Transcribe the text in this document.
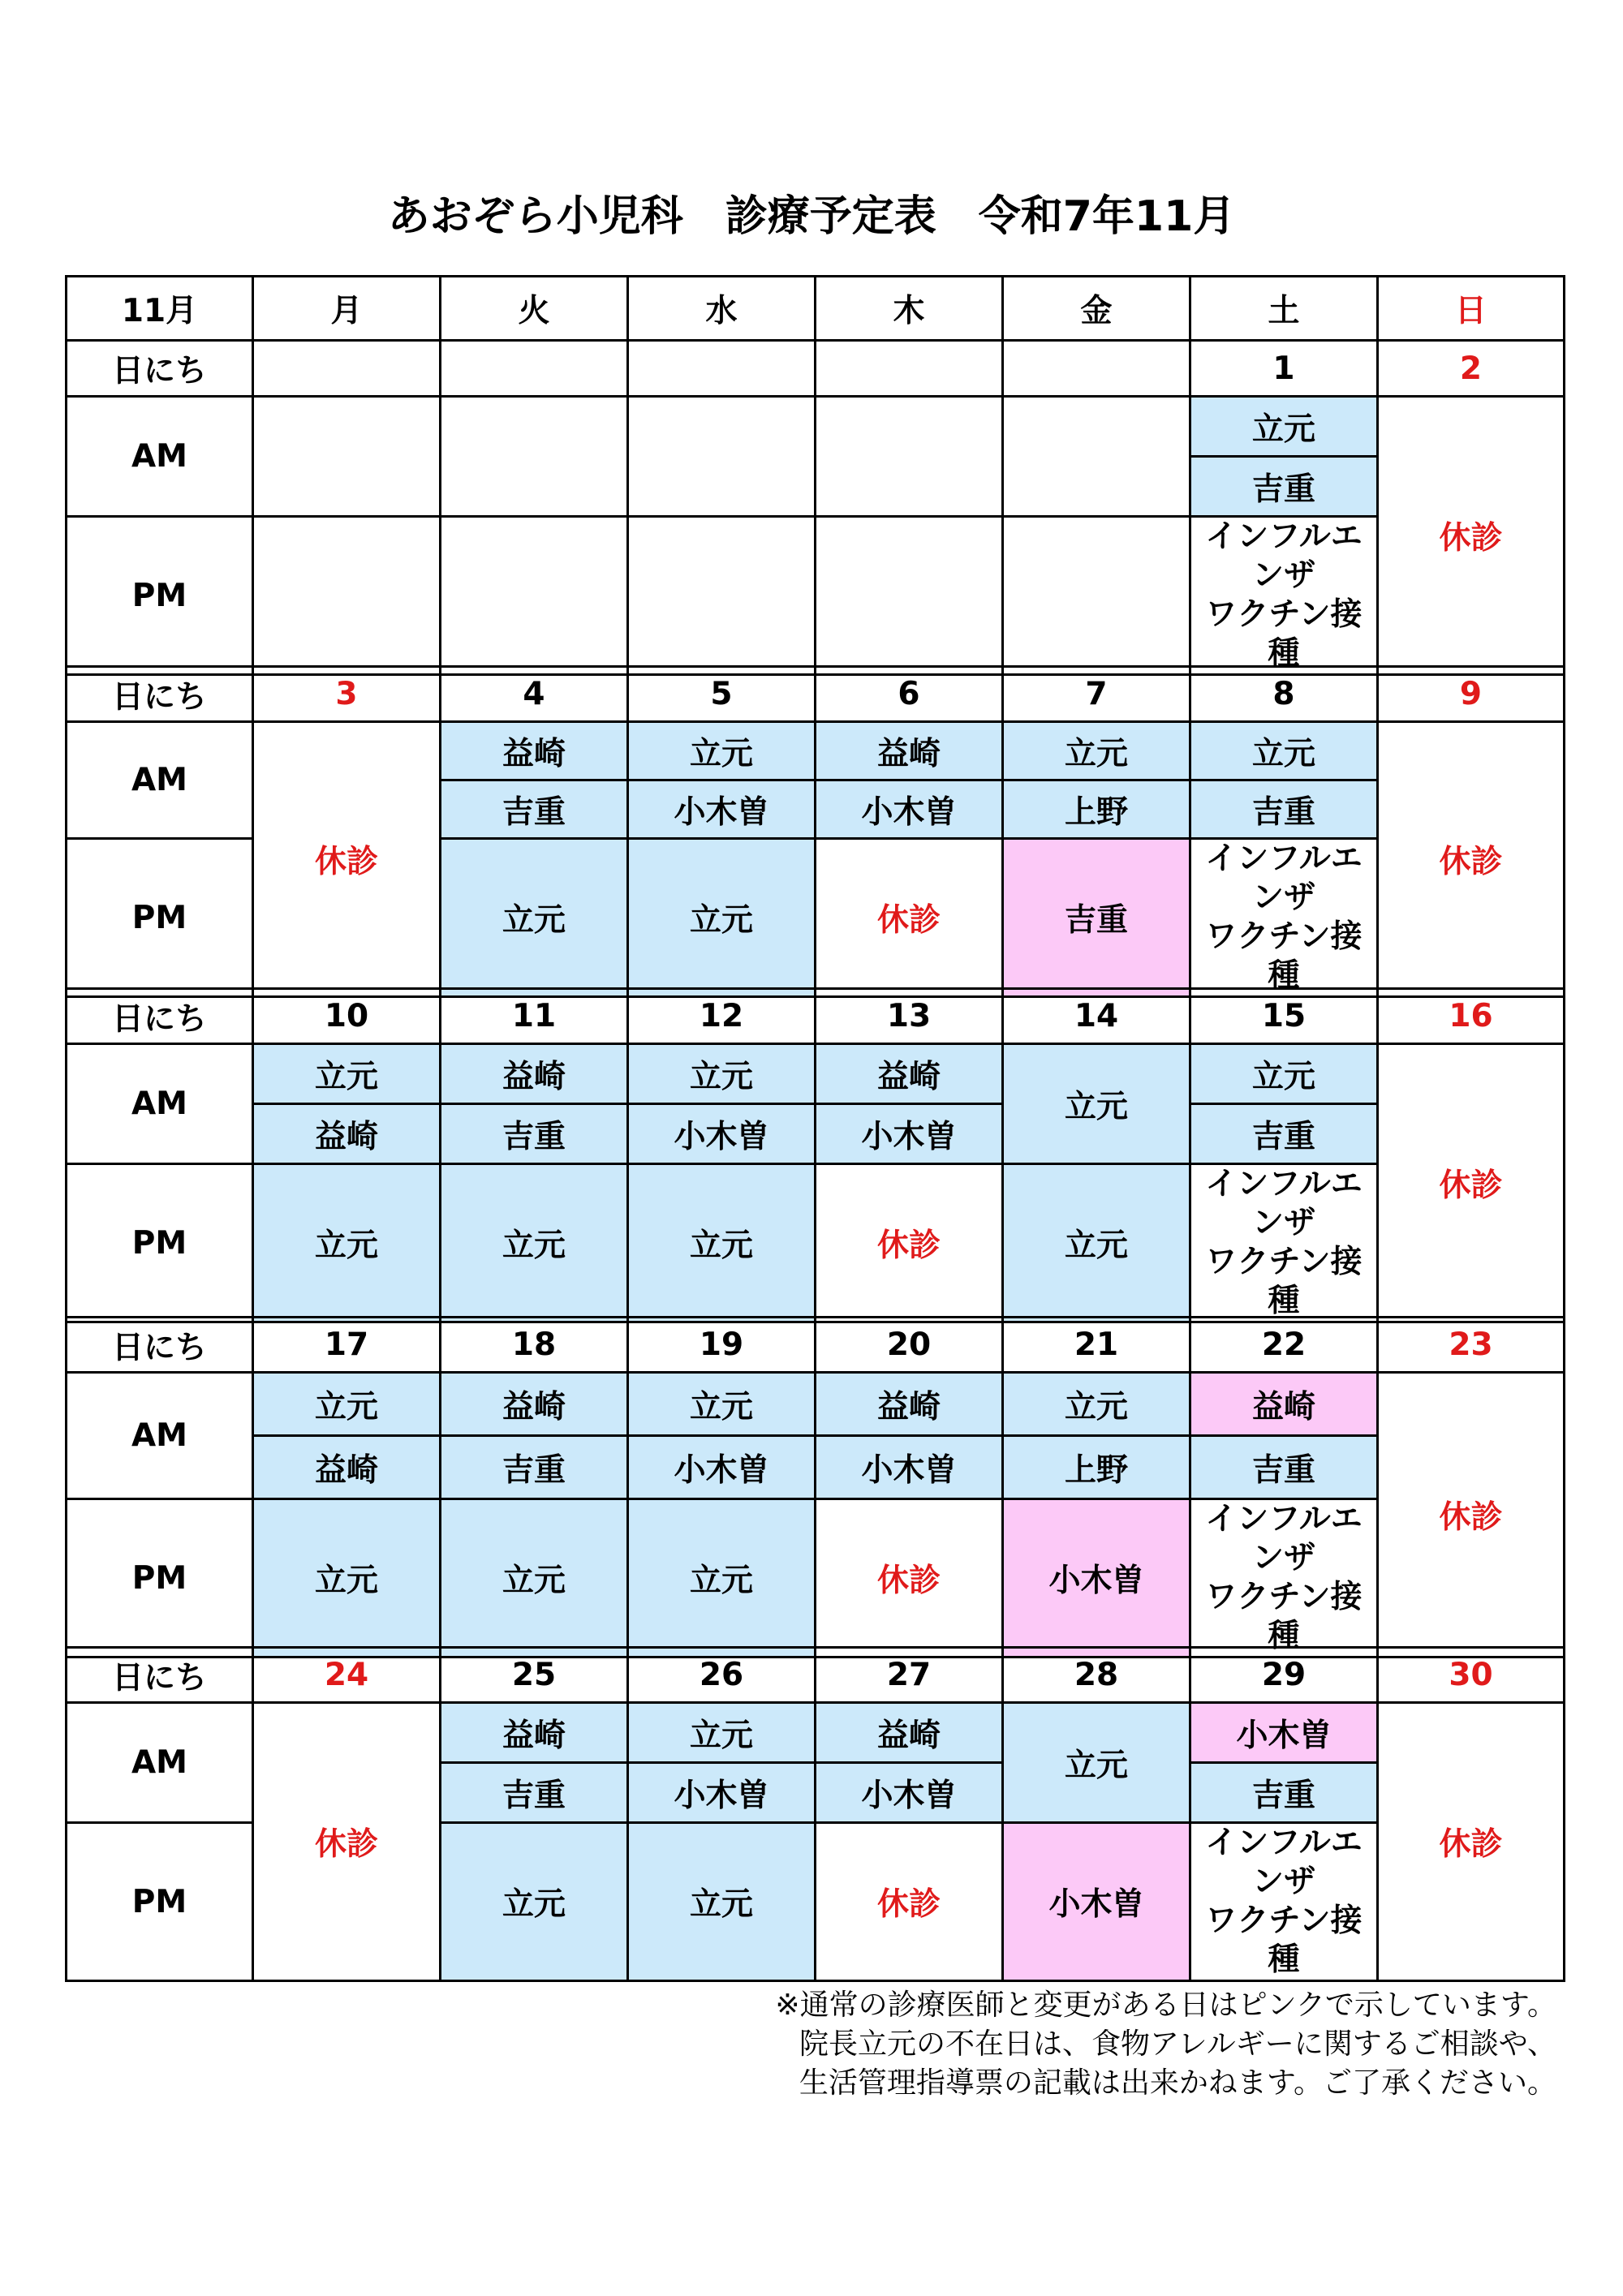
あおぞら小児科　診療予定表　令和7年11月
11月	月	火	水	木	金	土	日
日にち						1	2
AM						立元	休診
						吉重	
PM						インフルエンザ
ワクチン接種	

日にち	3	4	5	6	7	8	9
AM	休診	益崎	立元	益崎	立元	立元	休診
		吉重	小木曽	小木曽	上野	吉重	
PM		立元	立元	休診	吉重	インフルエンザ
ワクチン接種	

日にち	10	11	12	13	14	15	16
AM	立元	益崎	立元	益崎	立元	立元	休診
	益崎	吉重	小木曽	小木曽		吉重	
PM	立元	立元	立元	休診	立元	インフルエンザ
ワクチン接種	

日にち	17	18	19	20	21	22	23
AM	立元	益崎	立元	益崎	立元	益崎	休診
	益崎	吉重	小木曽	小木曽	上野	吉重	
PM	立元	立元	立元	休診	小木曽	インフルエンザ
ワクチン接種	

日にち	24	25	26	27	28	29	30
AM	休診	益崎	立元	益崎	立元	小木曽	休診
		吉重	小木曽	小木曽		吉重	
PM		立元	立元	休診	小木曽	インフルエンザ
ワクチン接種	

※通常の診療医師と変更がある日はピンクで示しています。
院長立元の不在日は、食物アレルギーに関するご相談や、
生活管理指導票の記載は出来かねます。ご了承ください。
